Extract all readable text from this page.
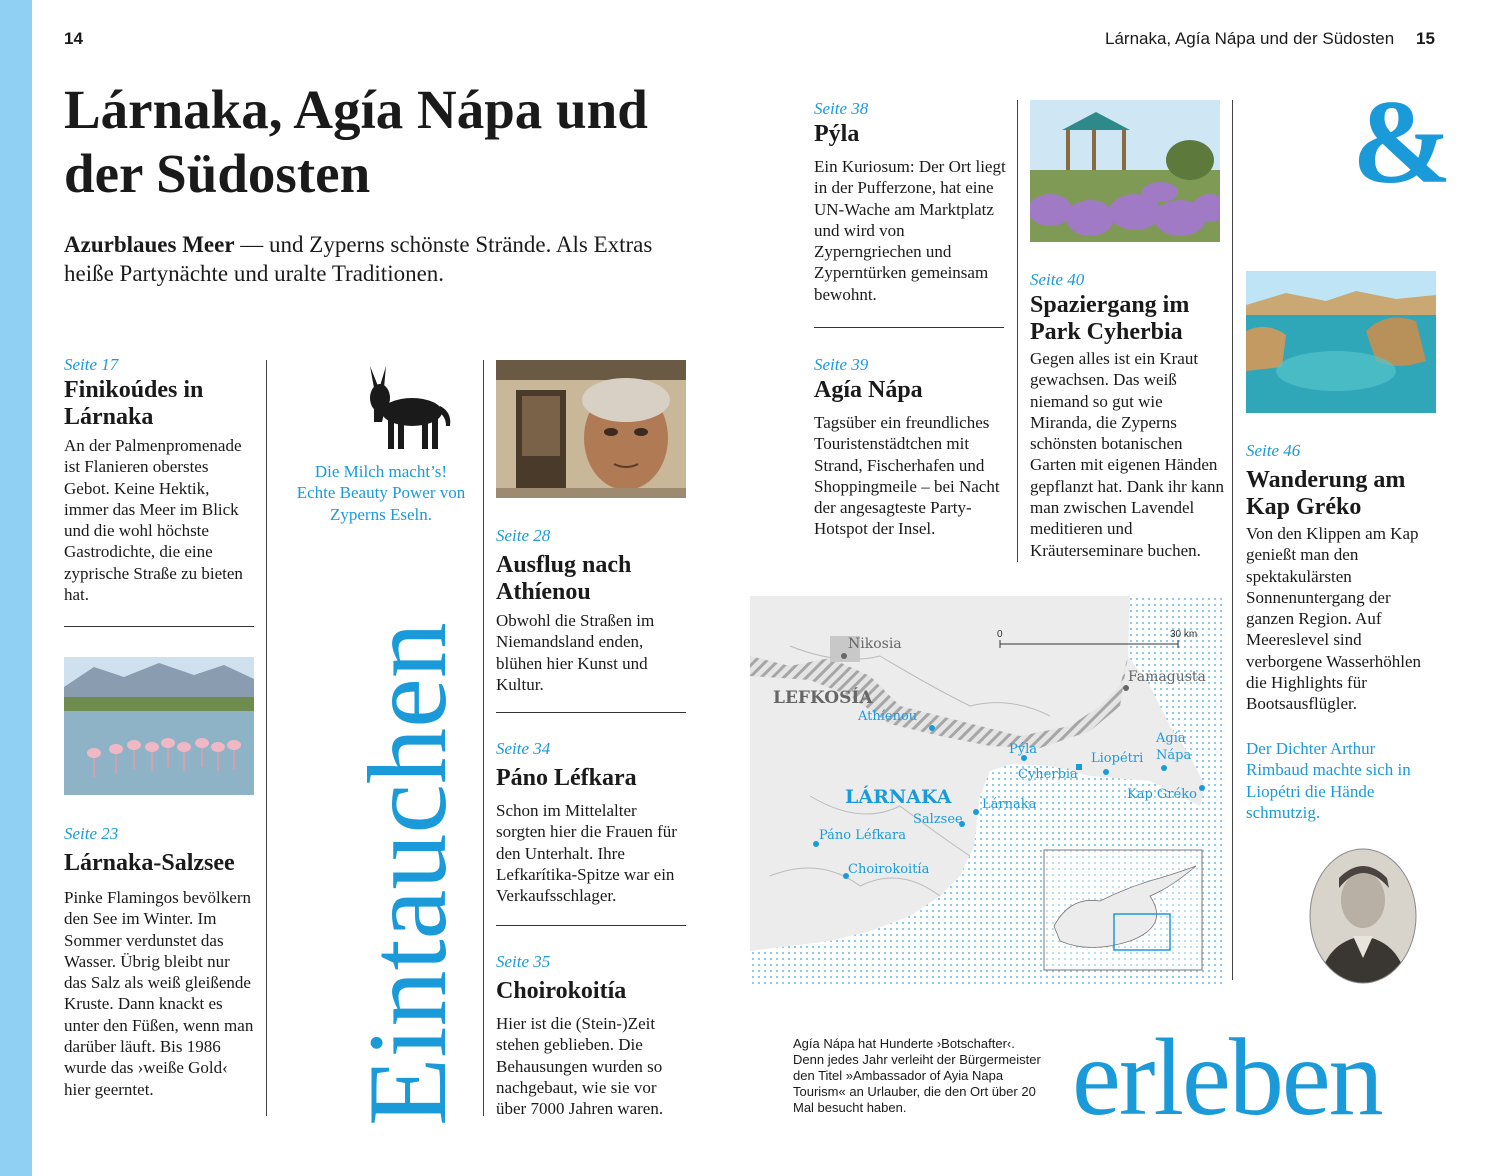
14	Lárnaka, Agía Nápa und der Südosten 15
Lárnaka, Agía Nápa und
der Südosten
Azurblaues Meer — und Zyperns schönste Strände. Als Extras heiße Partynächte und uralte Traditionen.
Seite 17
Finikoúdes in Lárnaka
An der Palmenpromenade ist Flanieren oberstes Gebot. Keine Hektik, immer das Meer im Blick und die wohl höchste Gastrodichte, die eine zyprische Straße zu bieten hat.
Seite 23
Lárnaka-Salzsee
Pinke Flamingos bevölkern den See im Winter. Im Sommer verdunstet das Wasser. Übrig bleibt nur das Salz als weiß gleißende Kruste. Dann knackt es unter den Füßen, wenn man darüber läuft. Bis 1986 wurde das ›weiße Gold‹ hier geerntet.
Die Milch macht’s! Echte Beauty Power von Zyperns Eseln.
Eintauchen
Seite 28
Ausflug nach Athíenou
Obwohl die Straßen im Niemandsland enden, blühen hier Kunst und Kultur.
Seite 34
Páno Léfkara
Schon im Mittelalter sorgten hier die Frauen für den Unterhalt. Ihre Lefkarítika-Spitze war ein Verkaufsschlager.
Seite 35
Choirokoitía
Hier ist die (Stein-)Zeit stehen geblieben. Die Behausungen wurden so nachgebaut, wie sie vor über 7000 Jahren waren.
Seite 38
Pýla
Ein Kuriosum: Der Ort liegt in der Pufferzone, hat eine UN-Wache am Marktplatz und wird von Zyperngriechen und Zyperntürken gemeinsam bewohnt.
Seite 39
Agía Nápa
Tagsüber ein freundliches Touristenstädtchen mit Strand, Fischerhafen und Shoppingmeile – bei Nacht der angesagteste Party-Hotspot der Insel.
Seite 40
Spaziergang im Park Cyherbia
Gegen alles ist ein Kraut gewachsen. Das weiß niemand so gut wie Miranda, die Zyperns schönsten botanischen Garten mit eigenen Händen gepflanzt hat. Dank ihr kann man zwischen Lavendel meditieren und Kräuterseminare buchen.
&
Seite 46
Wanderung am Kap Gréko
Von den Klippen am Kap genießt man den spektakulärsten Sonnenuntergang der ganzen Region. Auf Meereslevel sind verborgene Wasserhöhlen die Highlights für Bootsausflügler.
Der Dichter Arthur Rimbaud machte sich in Liopétri die Hände schmutzig.
0	30 km
Nikosia
LEFKOSÍA
Famagusta
Athíenou
Pýla
Cyherbia
Liopétri
Agía
Nápa
LÁRNAKA Lárnaka
Salzsee
Kap Gréko
Páno Léfkara
Choirokoitía
Agía Nápa hat Hunderte ›Botschafter‹. Denn jedes Jahr verleiht der Bürgermeister den Titel »Ambassador of Ayia Napa Tourism« an Urlauber, die den Ort über 20 Mal besucht haben.	erleben
